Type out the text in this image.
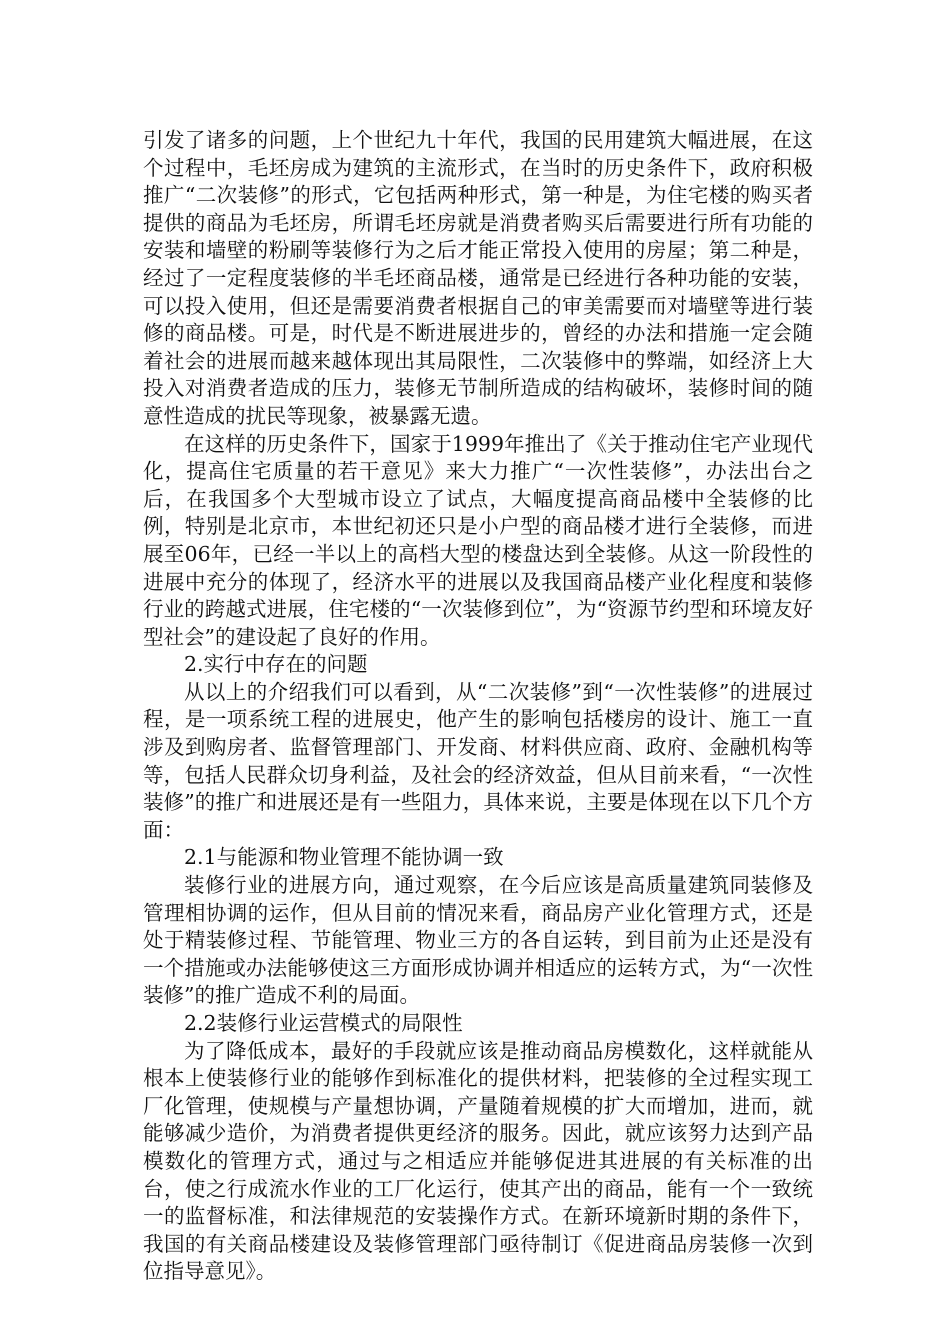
引发了诸多的问题，上个世纪九十年代，我国的民用建筑大幅进展，在这个过程中，毛坯房成为建筑的主流形式，在当时的历史条件下，政府积极推广“二次装修”的形式，它包括两种形式，第一种是，为住宅楼的购买者提供的商品为毛坯房，所谓毛坯房就是消费者购买后需要进行所有功能的安装和墙壁的粉刷等装修行为之后才能正常投入使用的房屋；第二种是，经过了一定程度装修的半毛坯商品楼，通常是已经进行各种功能的安装，可以投入使用，但还是需要消费者根据自己的审美需要而对墙壁等进行装修的商品楼。可是，时代是不断进展进步的，曾经的办法和措施一定会随着社会的进展而越来越体现出其局限性，二次装修中的弊端，如经济上大投入对消费者造成的压力，装修无节制所造成的结构破坏，装修时间的随意性造成的扰民等现象，被暴露无遗。

在这样的历史条件下，国家于1999年推出了《关于推动住宅产业现代化，提高住宅质量的若干意见》来大力推广“一次性装修”，办法出台之后，在我国多个大型城市设立了试点，大幅度提高商品楼中全装修的比例，特别是北京市，本世纪初还只是小户型的商品楼才进行全装修，而进展至06年，已经一半以上的高档大型的楼盘达到全装修。从这一阶段性的进展中充分的体现了，经济水平的进展以及我国商品楼产业化程度和装修行业的跨越式进展，住宅楼的“一次装修到位”，为“资源节约型和环境友好型社会”的建设起了良好的作用。

2.实行中存在的问题

从以上的介绍我们可以看到，从“二次装修”到“一次性装修”的进展过程，是一项系统工程的进展史，他产生的影响包括楼房的设计、施工一直涉及到购房者、监督管理部门、开发商、材料供应商、政府、金融机构等等，包括人民群众切身利益，及社会的经济效益，但从目前来看，“一次性装修”的推广和进展还是有一些阻力，具体来说，主要是体现在以下几个方面：

2.1与能源和物业管理不能协调一致

装修行业的进展方向，通过观察，在今后应该是高质量建筑同装修及管理相协调的运作，但从目前的情况来看，商品房产业化管理方式，还是处于精装修过程、节能管理、物业三方的各自运转，到目前为止还是没有一个措施或办法能够使这三方面形成协调并相适应的运转方式，为“一次性装修”的推广造成不利的局面。

2.2装修行业运营模式的局限性

为了降低成本，最好的手段就应该是推动商品房模数化，这样就能从根本上使装修行业的能够作到标准化的提供材料，把装修的全过程实现工厂化管理，使规模与产量想协调，产量随着规模的扩大而增加，进而，就能够减少造价，为消费者提供更经济的服务。因此，就应该努力达到产品模数化的管理方式，通过与之相适应并能够促进其进展的有关标准的出台，使之行成流水作业的工厂化运行，使其产出的商品，能有一个一致统一的监督标准，和法律规范的安装操作方式。在新环境新时期的条件下，我国的有关商品楼建设及装修管理部门亟待制订《促进商品房装修一次到位指导意见》。
